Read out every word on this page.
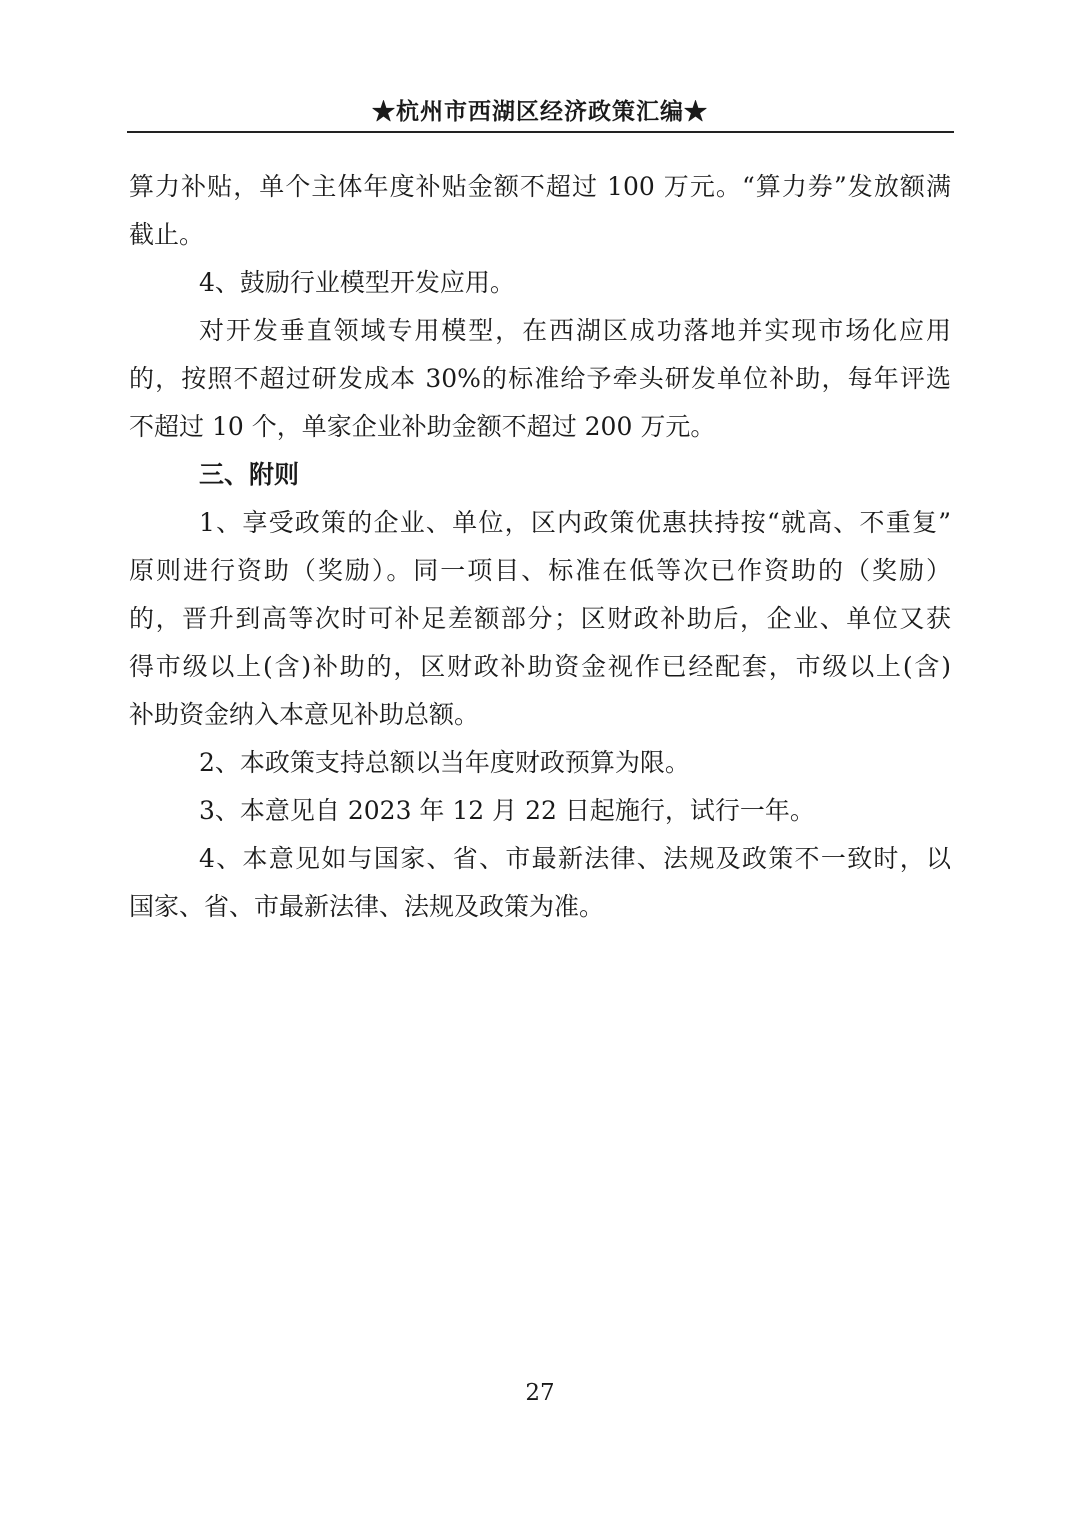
★杭州市西湖区经济政策汇编★

算力补贴，单个主体年度补贴金额不超过 100 万元。“算力券”发放额满
截止。

4、鼓励行业模型开发应用。

对开发垂直领域专用模型，在西湖区成功落地并实现市场化应用
的，按照不超过研发成本 30%的标准给予牵头研发单位补助，每年评选
不超过 10 个，单家企业补助金额不超过 200 万元。

三、附则

1、享受政策的企业、单位，区内政策优惠扶持按“就高、不重复”
原则进行资助（奖励）。同一项目、标准在低等次已作资助的（奖励）
的，晋升到高等次时可补足差额部分；区财政补助后，企业、单位又获
得市级以上(含)补助的，区财政补助资金视作已经配套，市级以上(含)
补助资金纳入本意见补助总额。

2、本政策支持总额以当年度财政预算为限。

3、本意见自 2023 年 12 月 22 日起施行，试行一年。

4、本意见如与国家、省、市最新法律、法规及政策不一致时，以
国家、省、市最新法律、法规及政策为准。

27
